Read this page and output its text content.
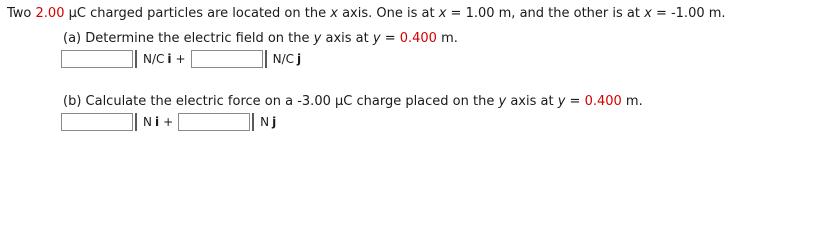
Two 2.00 μC charged particles are located on the x axis. One is at x = 1.00 m, and the other is at x = -1.00 m.
(a) Determine the electric field on the y axis at y = 0.400 m.
N/C i +	N/C j
(b) Calculate the electric force on a -3.00 μC charge placed on the y axis at y = 0.400 m.
N i +	N j
